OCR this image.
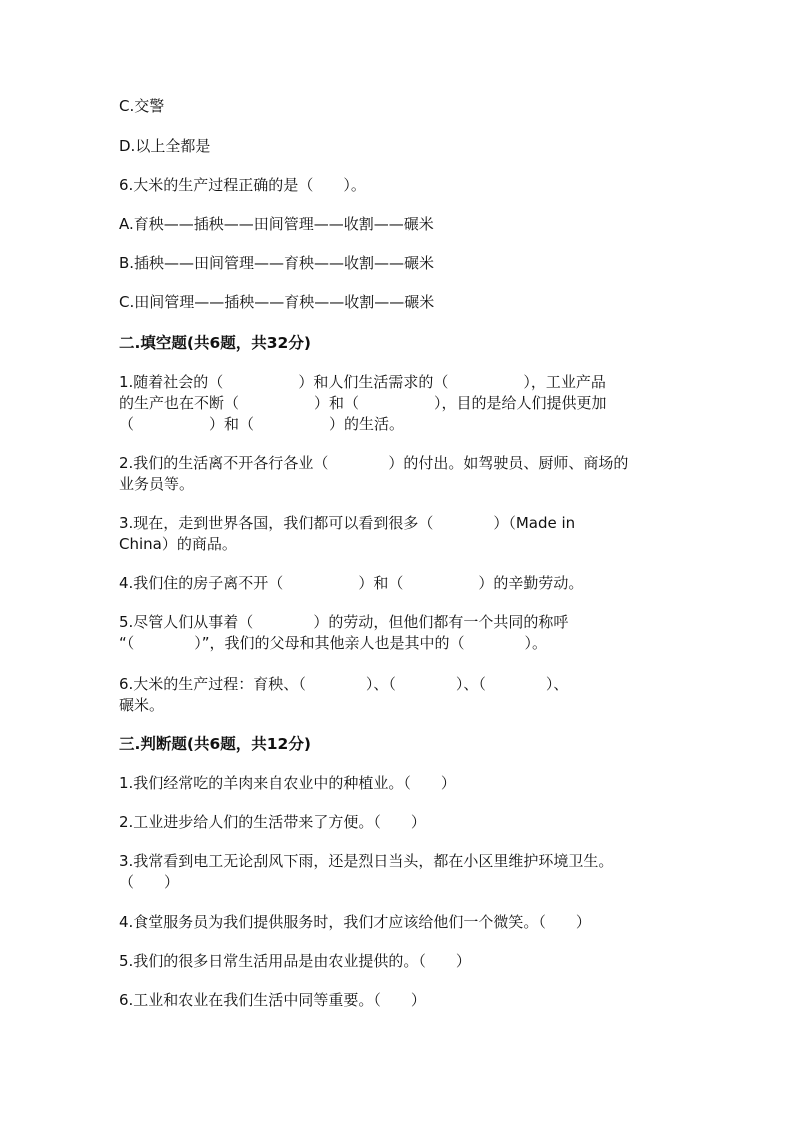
C.交警
D.以上全都是
6.大米的生产过程正确的是（　　）。
A.育秧——插秧——田间管理——收割——碾米
B.插秧——田间管理——育秧——收割——碾米
C.田间管理——插秧——育秧——收割——碾米
二.填空题(共6题，共32分)
1.随着社会的（　　　　　）和人们生活需求的（　　　　　），工业产品
的生产也在不断（　　　　　）和（　　　　　），目的是给人们提供更加
（　　　　　）和（　　　　　）的生活。
2.我们的生活离不开各行各业（　　　　）的付出。如驾驶员、厨师、商场的
业务员等。
3.现在，走到世界各国，我们都可以看到很多（　　　　）（Made in
China）的商品。
4.我们住的房子离不开（　　　　　）和（　　　　　）的辛勤劳动。
5.尽管人们从事着（　　　　）的劳动，但他们都有一个共同的称呼
“（　　　　）”，我们的父母和其他亲人也是其中的（　　　　）。
6.大米的生产过程：育秧、（　　　　）、（　　　　）、（　　　　）、
碾米。
三.判断题(共6题，共12分)
1.我们经常吃的羊肉来自农业中的种植业。（　　）
2.工业进步给人们的生活带来了方便。（　　）
3.我常看到电工无论刮风下雨，还是烈日当头，都在小区里维护环境卫生。
（　　）
4.食堂服务员为我们提供服务时，我们才应该给他们一个微笑。（　　）
5.我们的很多日常生活用品是由农业提供的。（　　）
6.工业和农业在我们生活中同等重要。（　　）
